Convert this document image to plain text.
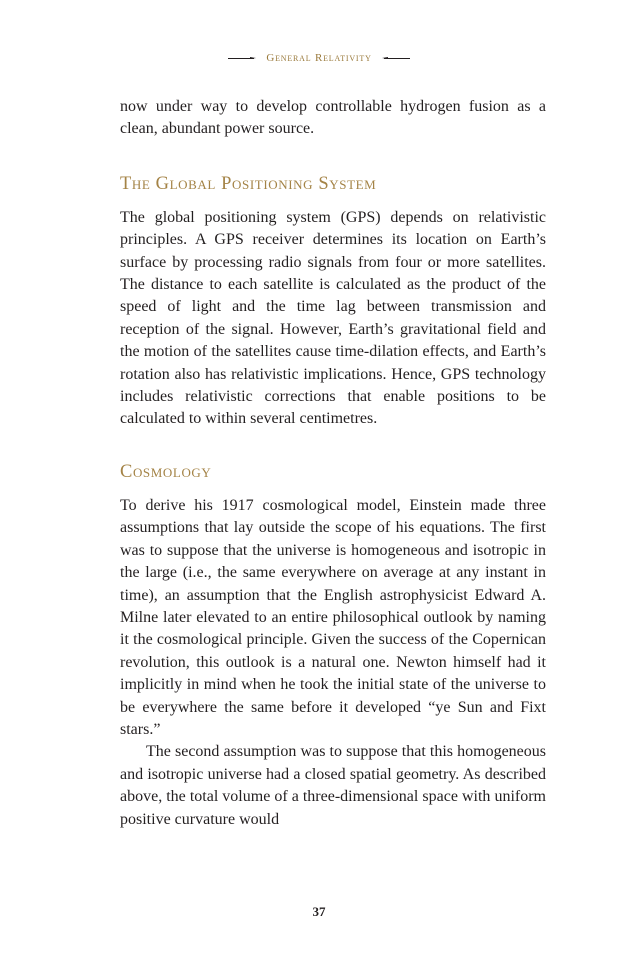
General Relativity

now under way to develop controllable hydrogen fusion as a clean, abundant power source.

The Global Positioning System

The global positioning system (GPS) depends on relativistic principles. A GPS receiver determines its location on Earth’s surface by processing radio signals from four or more satellites. The distance to each satellite is calculated as the product of the speed of light and the time lag between transmission and reception of the signal. However, Earth’s gravitational field and the motion of the satellites cause time-dilation effects, and Earth’s rotation also has relativistic implications. Hence, GPS technology includes relativistic corrections that enable positions to be calculated to within several centimetres.

Cosmology

To derive his 1917 cosmological model, Einstein made three assumptions that lay outside the scope of his equations. The first was to suppose that the universe is homogeneous and isotropic in the large (i.e., the same everywhere on average at any instant in time), an assumption that the English astrophysicist Edward A. Milne later elevated to an entire philosophical outlook by naming it the cosmological principle. Given the success of the Copernican revolution, this outlook is a natural one. Newton himself had it implicitly in mind when he took the initial state of the universe to be everywhere the same before it developed “ye Sun and Fixt stars.”

The second assumption was to suppose that this homogeneous and isotropic universe had a closed spatial geometry. As described above, the total volume of a three-dimensional space with uniform positive curvature would

37
